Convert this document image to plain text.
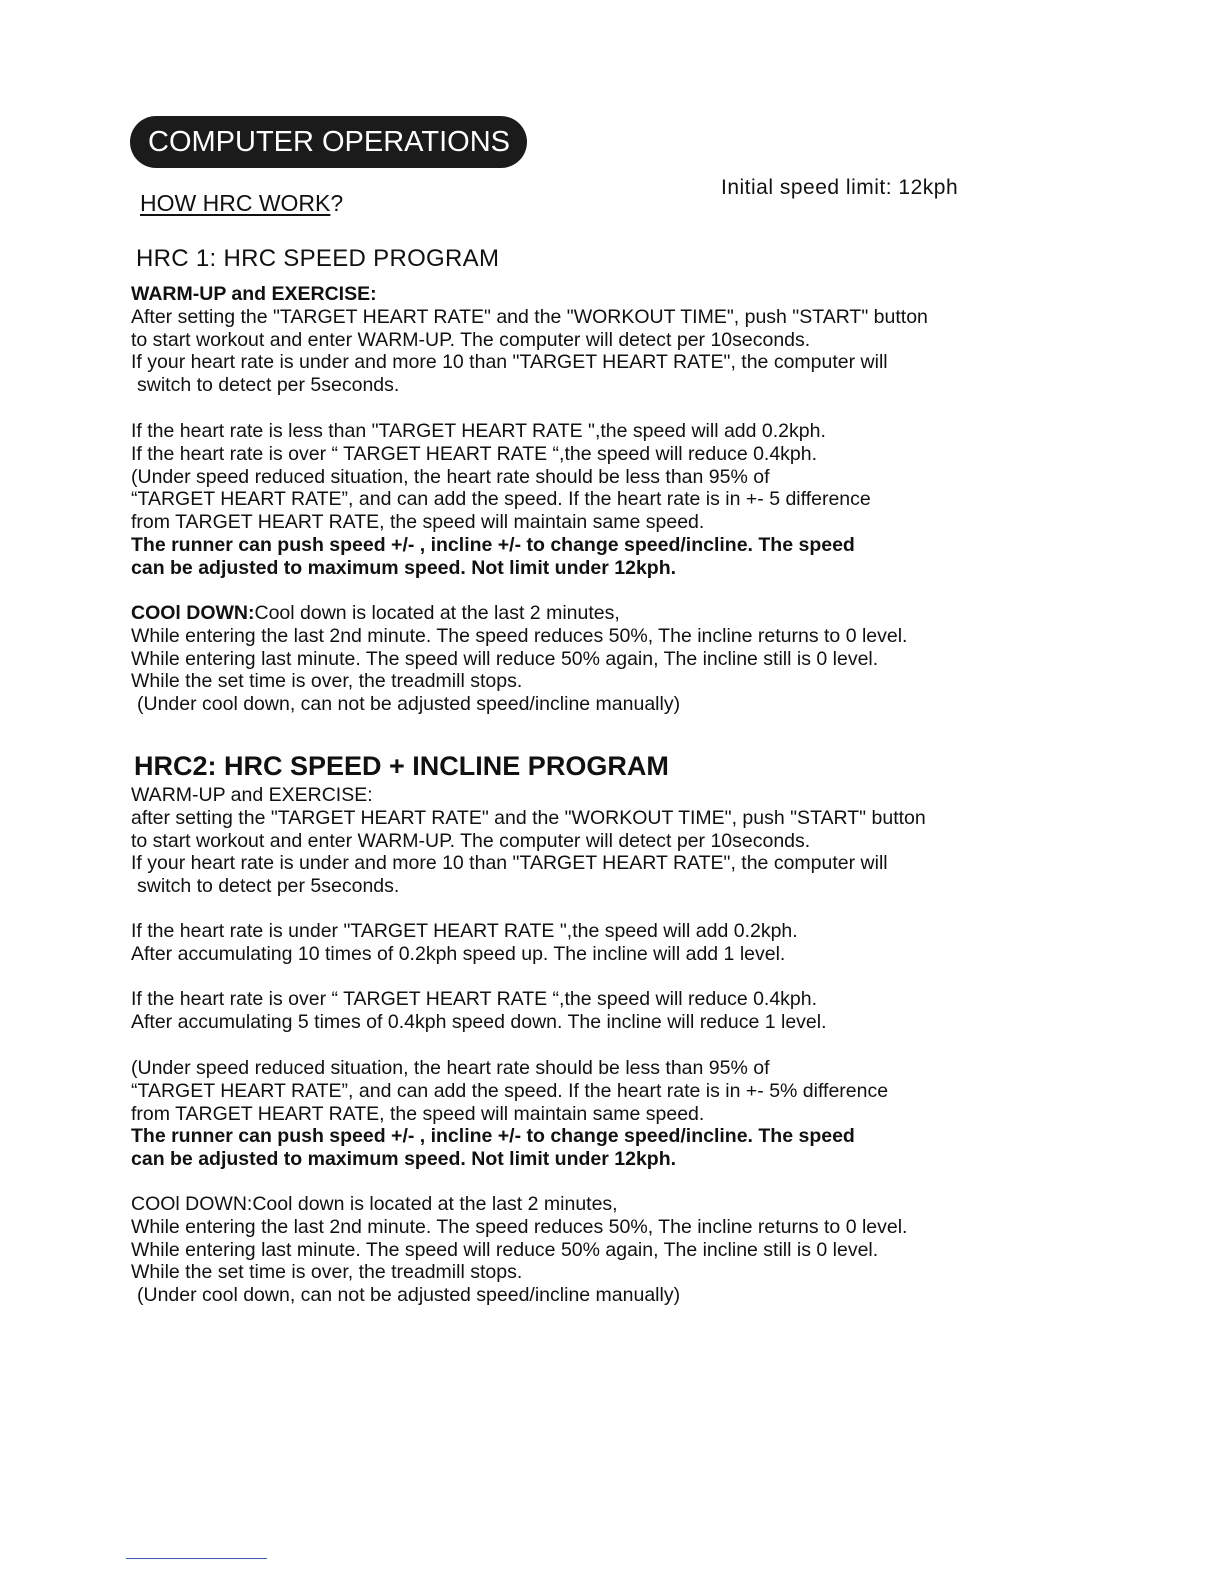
COMPUTER OPERATIONS
HOW HRC WORK?
Initial speed limit: 12kph
HRC 1: HRC SPEED PROGRAM
WARM-UP and EXERCISE:
After setting the "TARGET HEART RATE" and the "WORKOUT TIME", push "START" button
to start workout and enter WARM-UP. The computer will detect per 10seconds.
If your heart rate is under and more 10 than "TARGET HEART RATE", the computer will
switch to detect per 5seconds.
If the heart rate is less than "TARGET HEART RATE ",the speed will add 0.2kph.
If the heart rate is over “ TARGET HEART RATE “,the speed will reduce 0.4kph.
(Under speed reduced situation, the heart rate should be less than 95% of
“TARGET HEART RATE”, and can add the speed. If the heart rate is in +- 5 difference
from TARGET HEART RATE, the speed will maintain same speed.
The runner can push speed +/- , incline +/- to change speed/incline. The speed
can be adjusted to maximum speed. Not limit under 12kph.
COOl DOWN:Cool down is located at the last 2 minutes,
While entering the last 2nd minute. The speed reduces 50%, The incline returns to 0 level.
While entering last minute. The speed will reduce 50% again, The incline still is 0 level.
While the set time is over, the treadmill stops.
(Under cool down, can not be adjusted speed/incline manually)
HRC2: HRC SPEED + INCLINE PROGRAM
WARM-UP and EXERCISE:
after setting the "TARGET HEART RATE" and the "WORKOUT TIME", push "START" button
to start workout and enter WARM-UP. The computer will detect per 10seconds.
If your heart rate is under and more 10 than "TARGET HEART RATE", the computer will
switch to detect per 5seconds.
If the heart rate is under "TARGET HEART RATE ",the speed will add 0.2kph.
After accumulating 10 times of 0.2kph speed up. The incline will add 1 level.
If the heart rate is over “ TARGET HEART RATE “,the speed will reduce 0.4kph.
After accumulating 5 times of 0.4kph speed down. The incline will reduce 1 level.
(Under speed reduced situation, the heart rate should be less than 95% of
“TARGET HEART RATE”, and can add the speed. If the heart rate is in +- 5% difference
from TARGET HEART RATE, the speed will maintain same speed.
The runner can push speed +/- , incline +/- to change speed/incline. The speed
can be adjusted to maximum speed. Not limit under 12kph.
COOl DOWN:Cool down is located at the last 2 minutes,
While entering the last 2nd minute. The speed reduces 50%, The incline returns to 0 level.
While entering last minute. The speed will reduce 50% again, The incline still is 0 level.
While the set time is over, the treadmill stops.
(Under cool down, can not be adjusted speed/incline manually)
